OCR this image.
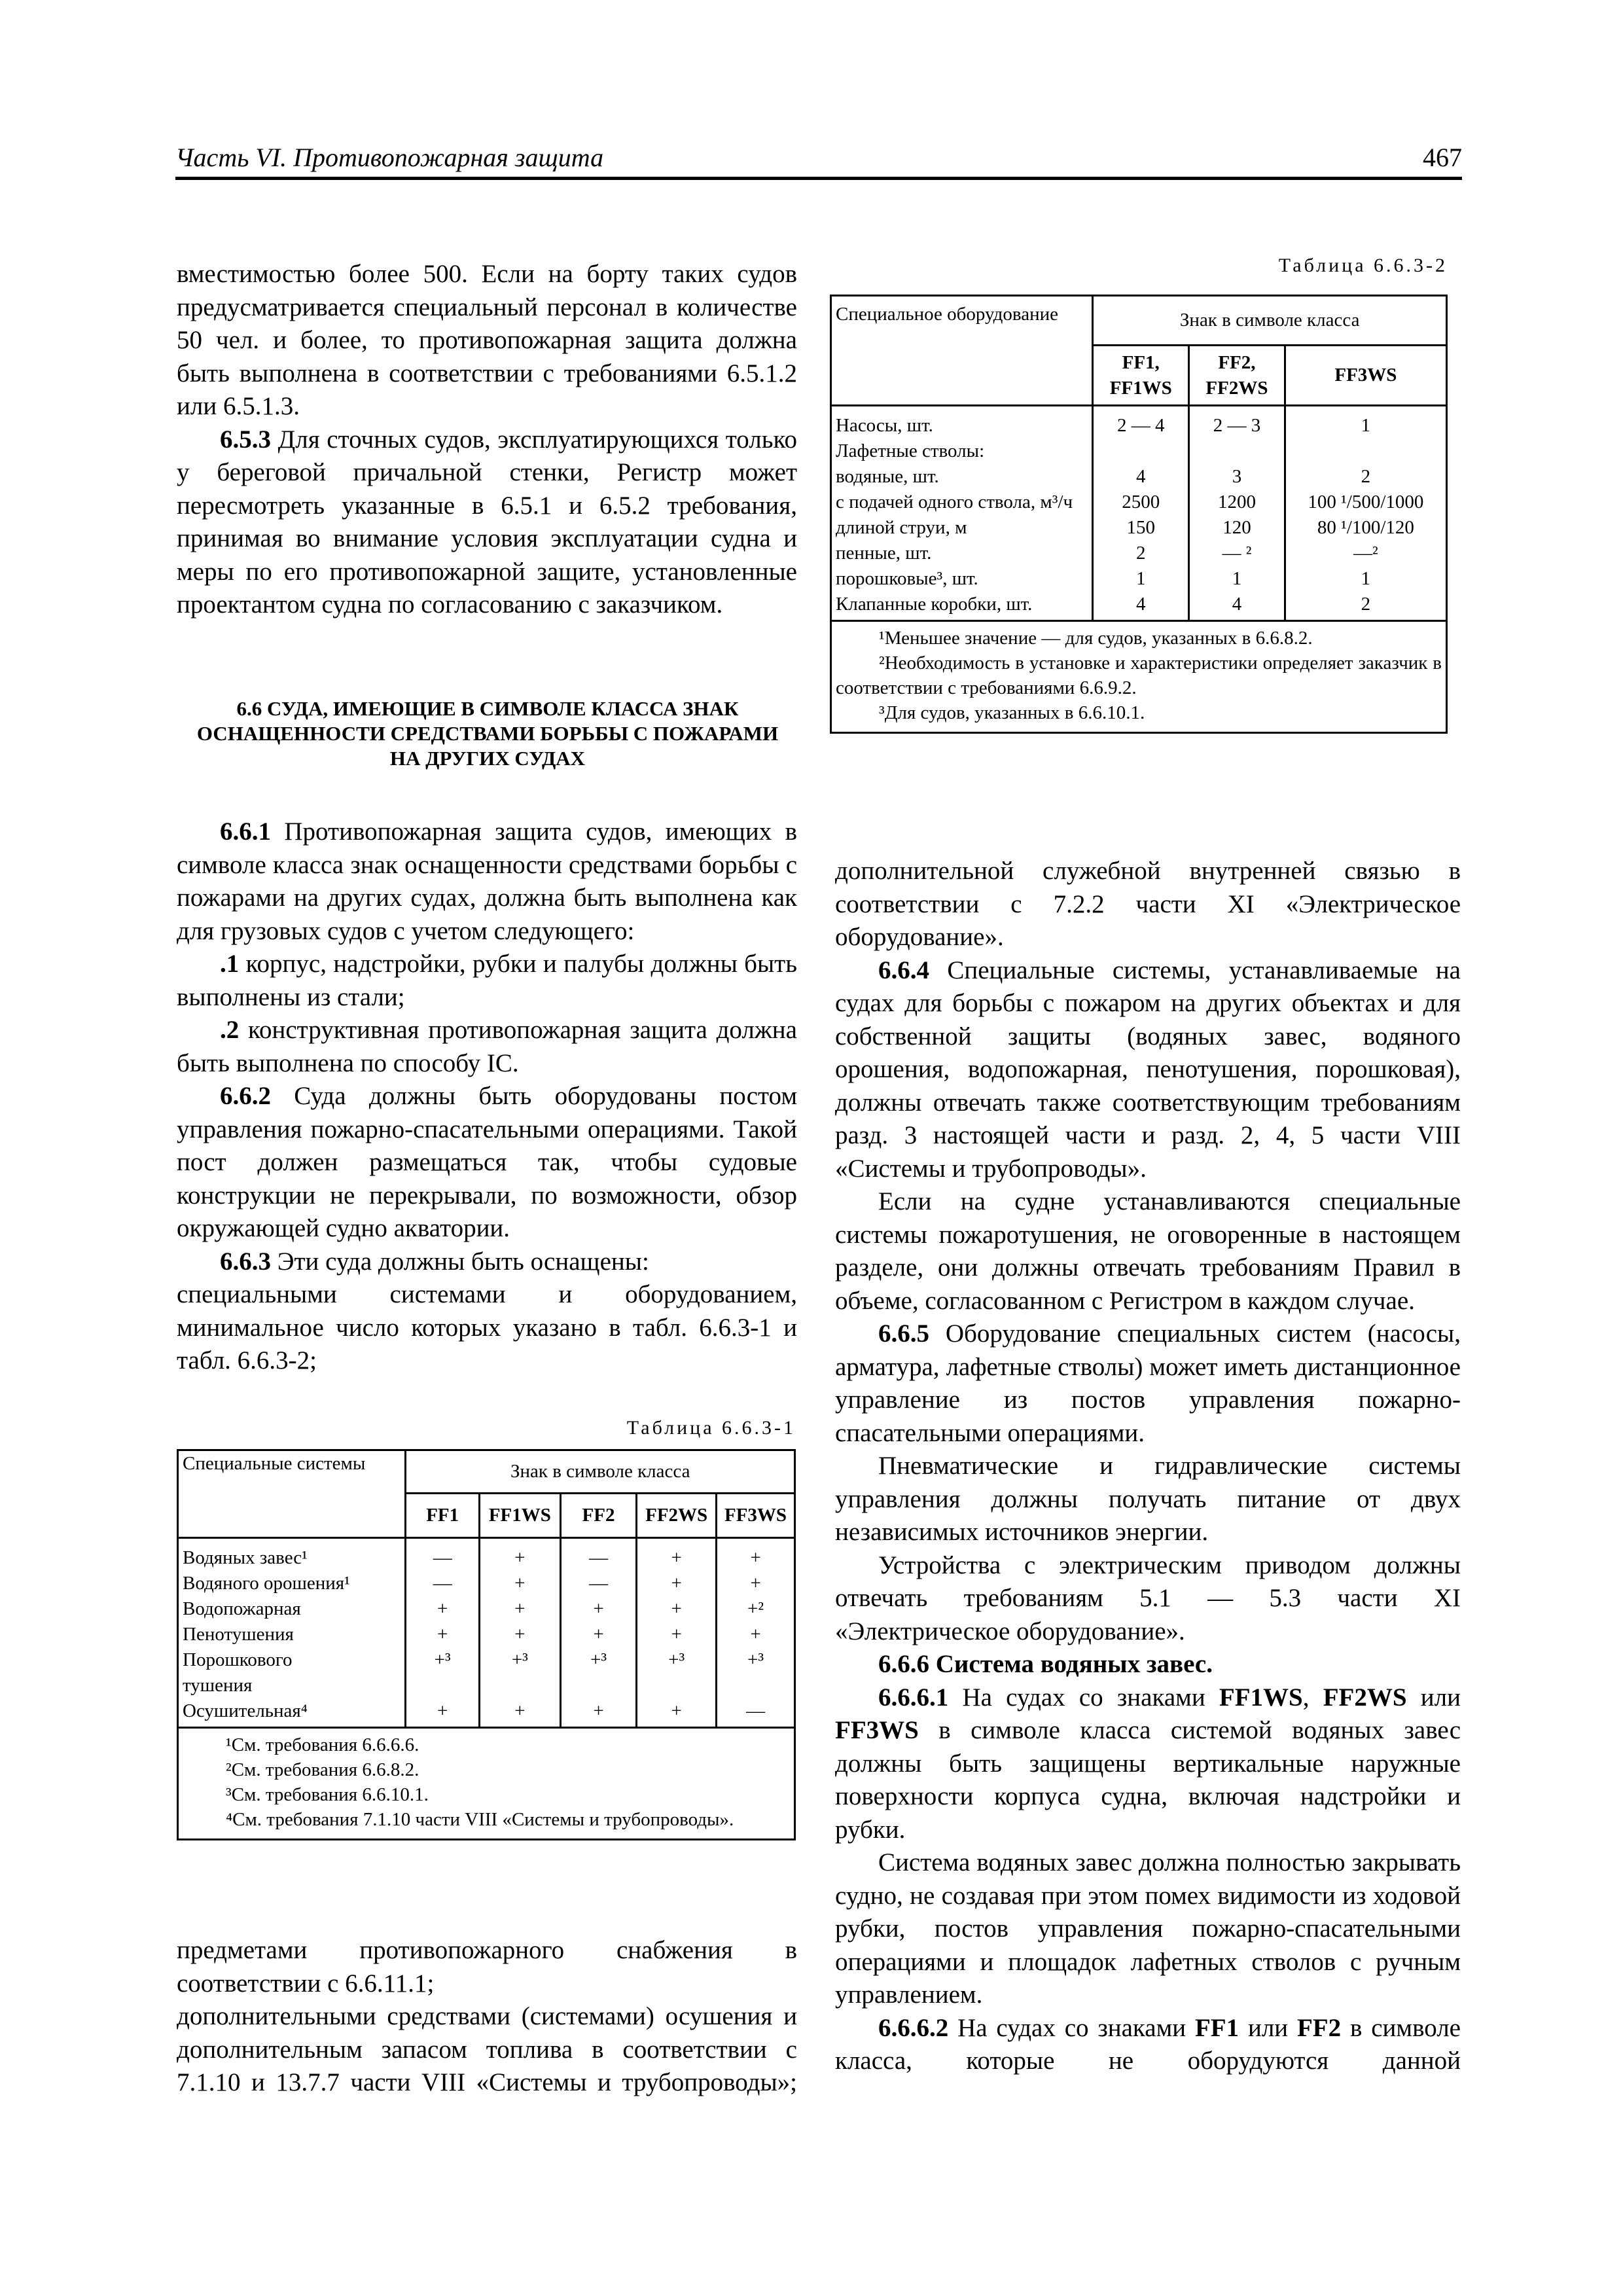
Часть VI. Противопожарная защита	467

вместимостью более 500. Если на борту таких судов предусматривается специальный персонал в количестве 50 чел. и более, то противопожарная защита должна быть выполнена в соответствии с требованиями 6.5.1.2 или 6.5.1.3.

6.5.3 Для сточных судов, эксплуатирующихся только у береговой причальной стенки, Регистр может пересмотреть указанные в 6.5.1 и 6.5.2 требования, принимая во внимание условия эксплуатации судна и меры по его противопожарной защите, установленные проектантом судна по согласованию с заказчиком.

6.6 СУДА, ИМЕЮЩИЕ В СИМВОЛЕ КЛАССА ЗНАК ОСНАЩЕННОСТИ СРЕДСТВАМИ БОРЬБЫ С ПОЖАРАМИ НА ДРУГИХ СУДАХ

6.6.1 Противопожарная защита судов, имеющих в символе класса знак оснащенности средствами борьбы с пожарами на других судах, должна быть выполнена как для грузовых судов с учетом следующего:

.1 корпус, надстройки, рубки и палубы должны быть выполнены из стали;

.2 конструктивная противопожарная защита должна быть выполнена по способу IC.

6.6.2 Суда должны быть оборудованы постом управления пожарно-спасательными операциями. Такой пост должен размещаться так, чтобы судовые конструкции не перекрывали, по возможности, обзор окружающей судно акватории.

6.6.3 Эти суда должны быть оснащены:

специальными системами и оборудованием, минимальное число которых указано в табл. 6.6.3-1 и табл. 6.6.3-2;

Таблица 6.6.3-1
Специальные системы	Знак в символе класса				
	FF1	FF1WS	FF2	FF2WS	FF3WS
Водяных завес¹	—	+	—	+	+
Водяного орошения¹	—	+	—	+	+
Водопожарная	+	+	+	+	+²
Пенотушения	+	+	+	+	+
Порошкового	+³	+³	+³	+³	+³
тушения					
Осушительная⁴	+	+	+	+	—

¹См. требования 6.6.6.6.
²См. требования 6.6.8.2.
³См. требования 6.6.10.1.
⁴См. требования 7.1.10 части VIII «Системы и трубопроводы».					

предметами противопожарного снабжения в соответствии с 6.6.11.1;

дополнительными средствами (системами) осушения и дополнительным запасом топлива в соответствии с 7.1.10 и 13.7.7 части VIII «Системы и трубопроводы»;

Таблица 6.6.3-2
Специальное оборудование	Знак в символе класса		
	FF1, FF1WS	FF2, FF2WS	FF3WS
Насосы, шт.	2 — 4	2 — 3	1
Лафетные стволы:			
водяные, шт.	4	3	2
с подачей одного ствола, м³/ч	2500	1200	100 ¹/500/1000
длиной струи, м	150	120	80 ¹/100/120

пенные, шт.	2	— ²	—²
порошковые³, шт.	1	1	1
Клапанные коробки, шт.	4	4	2

¹Меньшее значение — для судов, указанных в 6.6.8.2.
²Необходимость в установке и характеристики определяет заказчик в соответствии с требованиями 6.6.9.2.
³Для судов, указанных в 6.6.10.1.			

дополнительной служебной внутренней связью в соответствии с 7.2.2 части XI «Электрическое оборудование».

6.6.4 Специальные системы, устанавливаемые на судах для борьбы с пожаром на других объектах и для собственной защиты (водяных завес, водяного орошения, водопожарная, пенотушения, порошковая), должны отвечать также соответствующим требованиям разд. 3 настоящей части и разд. 2, 4, 5 части VIII «Системы и трубопроводы».

Если на судне устанавливаются специальные системы пожаротушения, не оговоренные в настоящем разделе, они должны отвечать требованиям Правил в объеме, согласованном с Регистром в каждом случае.

6.6.5 Оборудование специальных систем (насосы, арматура, лафетные стволы) может иметь дистанционное управление из постов управления пожарно-спасательными операциями.

Пневматические и гидравлические системы управления должны получать питание от двух независимых источников энергии.

Устройства с электрическим приводом должны отвечать требованиям 5.1 — 5.3 части XI «Электрическое оборудование».

6.6.6 Система водяных завес.

6.6.6.1 На судах со знаками FF1WS, FF2WS или FF3WS в символе класса системой водяных завес должны быть защищены вертикальные наружные поверхности корпуса судна, включая надстройки и рубки.

Система водяных завес должна полностью закрывать судно, не создавая при этом помех видимости из ходовой рубки, постов управления пожарно-спасательными операциями и площадок лафетных стволов с ручным управлением.

6.6.6.2 На судах со знаками FF1 или FF2 в символе класса, которые не оборудуются данной
